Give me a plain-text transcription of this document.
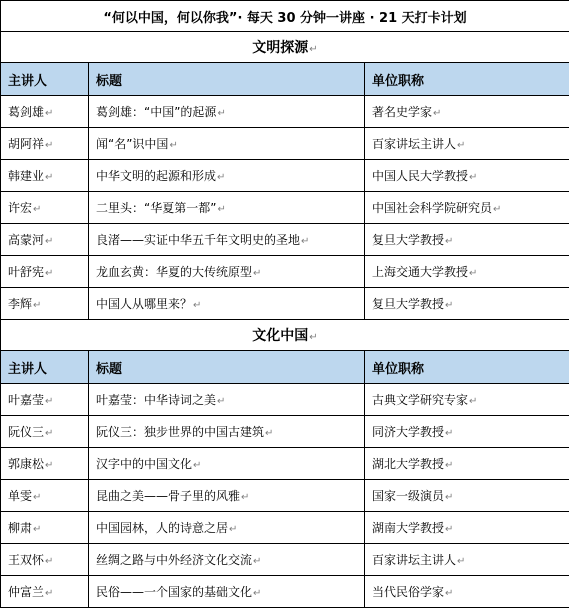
“何以中国，何以你我”· 每天 30 分钟一讲座 · 21 天打卡计划		
文明探源↵		
主讲人	标题	单位职称
葛剑雄↵	葛剑雄：“中国”的起源↵	著名史学家↵
胡阿祥↵	闻“名”识中国↵	百家讲坛主讲人↵
韩建业↵	中华文明的起源和形成↵	中国人民大学教授↵
许宏↵	二里头：“华夏第一都”↵	中国社会科学院研究员↵
高蒙河↵	良渚——实证中华五千年文明史的圣地↵	复旦大学教授↵
叶舒宪↵	龙血玄黄：华夏的大传统原型↵	上海交通大学教授↵
李辉↵	中国人从哪里来？↵	复旦大学教授↵
文化中国↵		
主讲人	标题	单位职称
叶嘉莹↵	叶嘉莹：中华诗词之美↵	古典文学研究专家↵
阮仪三↵	阮仪三：独步世界的中国古建筑↵	同济大学教授↵
郭康松↵	汉字中的中国文化↵	湖北大学教授↵
单雯↵	昆曲之美——骨子里的风雅↵	国家一级演员↵
柳肃↵	中国园林，人的诗意之居↵	湖南大学教授↵
王双怀↵	丝绸之路与中外经济文化交流↵	百家讲坛主讲人↵
仲富兰↵	民俗——一个国家的基础文化↵	当代民俗学家↵
